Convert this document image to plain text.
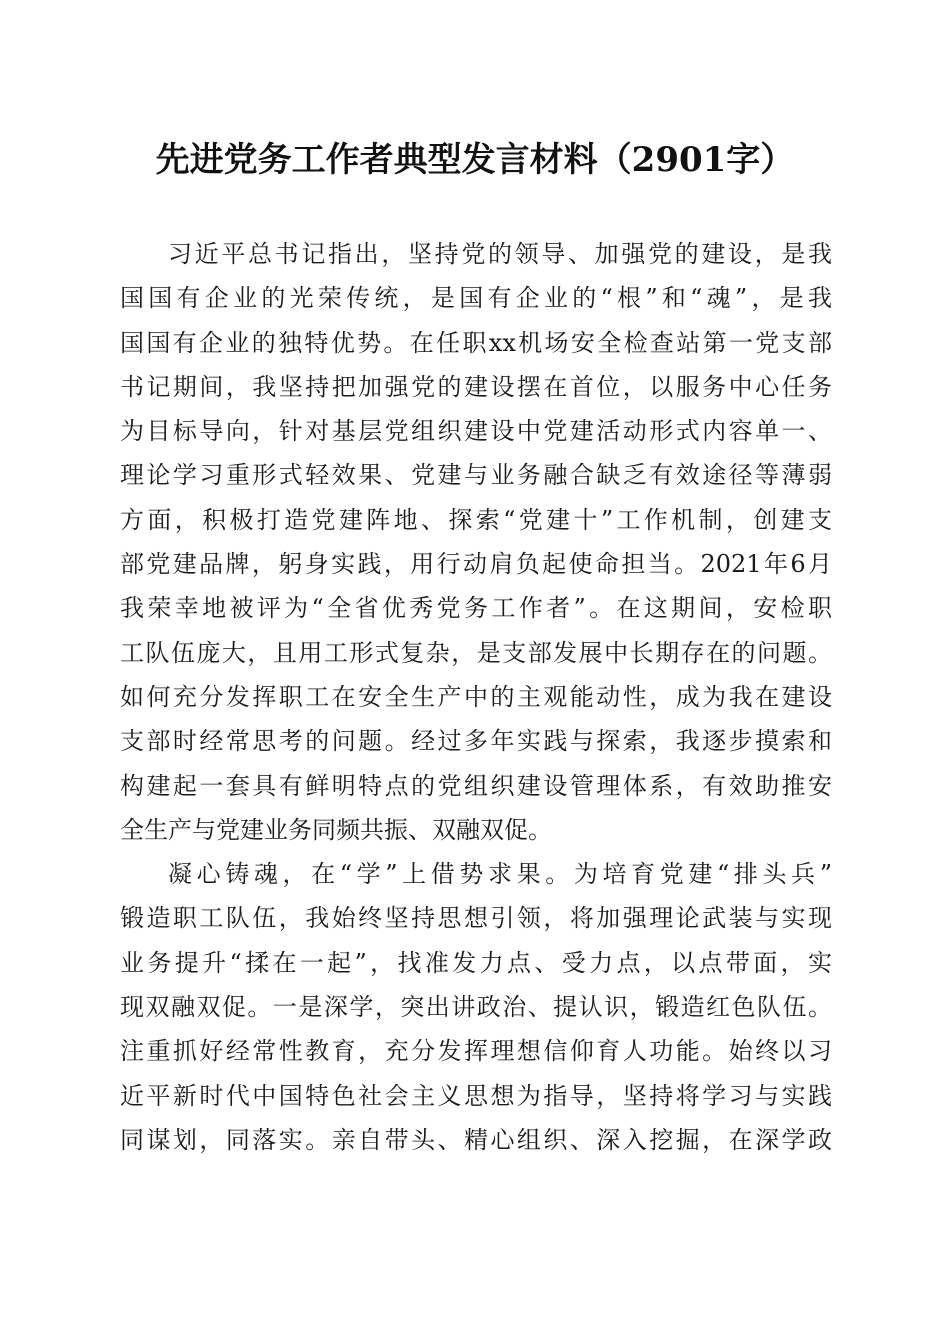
先进党务工作者典型发言材料（2901字）

习近平总书记指出，坚持党的领导、加强党的建设，是我
国国有企业的光荣传统，是国有企业的“根”和“魂”，是我
国国有企业的独特优势。在任职xx机场安全检查站第一党支部
书记期间，我坚持把加强党的建设摆在首位，以服务中心任务
为目标导向，针对基层党组织建设中党建活动形式内容单一、
理论学习重形式轻效果、党建与业务融合缺乏有效途径等薄弱
方面，积极打造党建阵地、探索“党建十”工作机制，创建支
部党建品牌，躬身实践，用行动肩负起使命担当。2021年6月
我荣幸地被评为“全省优秀党务工作者”。在这期间，安检职
工队伍庞大，且用工形式复杂，是支部发展中长期存在的问题。
如何充分发挥职工在安全生产中的主观能动性，成为我在建设
支部时经常思考的问题。经过多年实践与探索，我逐步摸索和
构建起一套具有鲜明特点的党组织建设管理体系，有效助推安
全生产与党建业务同频共振、双融双促。

凝心铸魂，在“学”上借势求果。为培育党建“排头兵”
锻造职工队伍，我始终坚持思想引领，将加强理论武装与实现
业务提升“揉在一起”，找准发力点、受力点，以点带面，实
现双融双促。一是深学，突出讲政治、提认识，锻造红色队伍。
注重抓好经常性教育，充分发挥理想信仰育人功能。始终以习
近平新时代中国特色社会主义思想为指导，坚持将学习与实践
同谋划，同落实。亲自带头、精心组织、深入挖掘，在深学政
